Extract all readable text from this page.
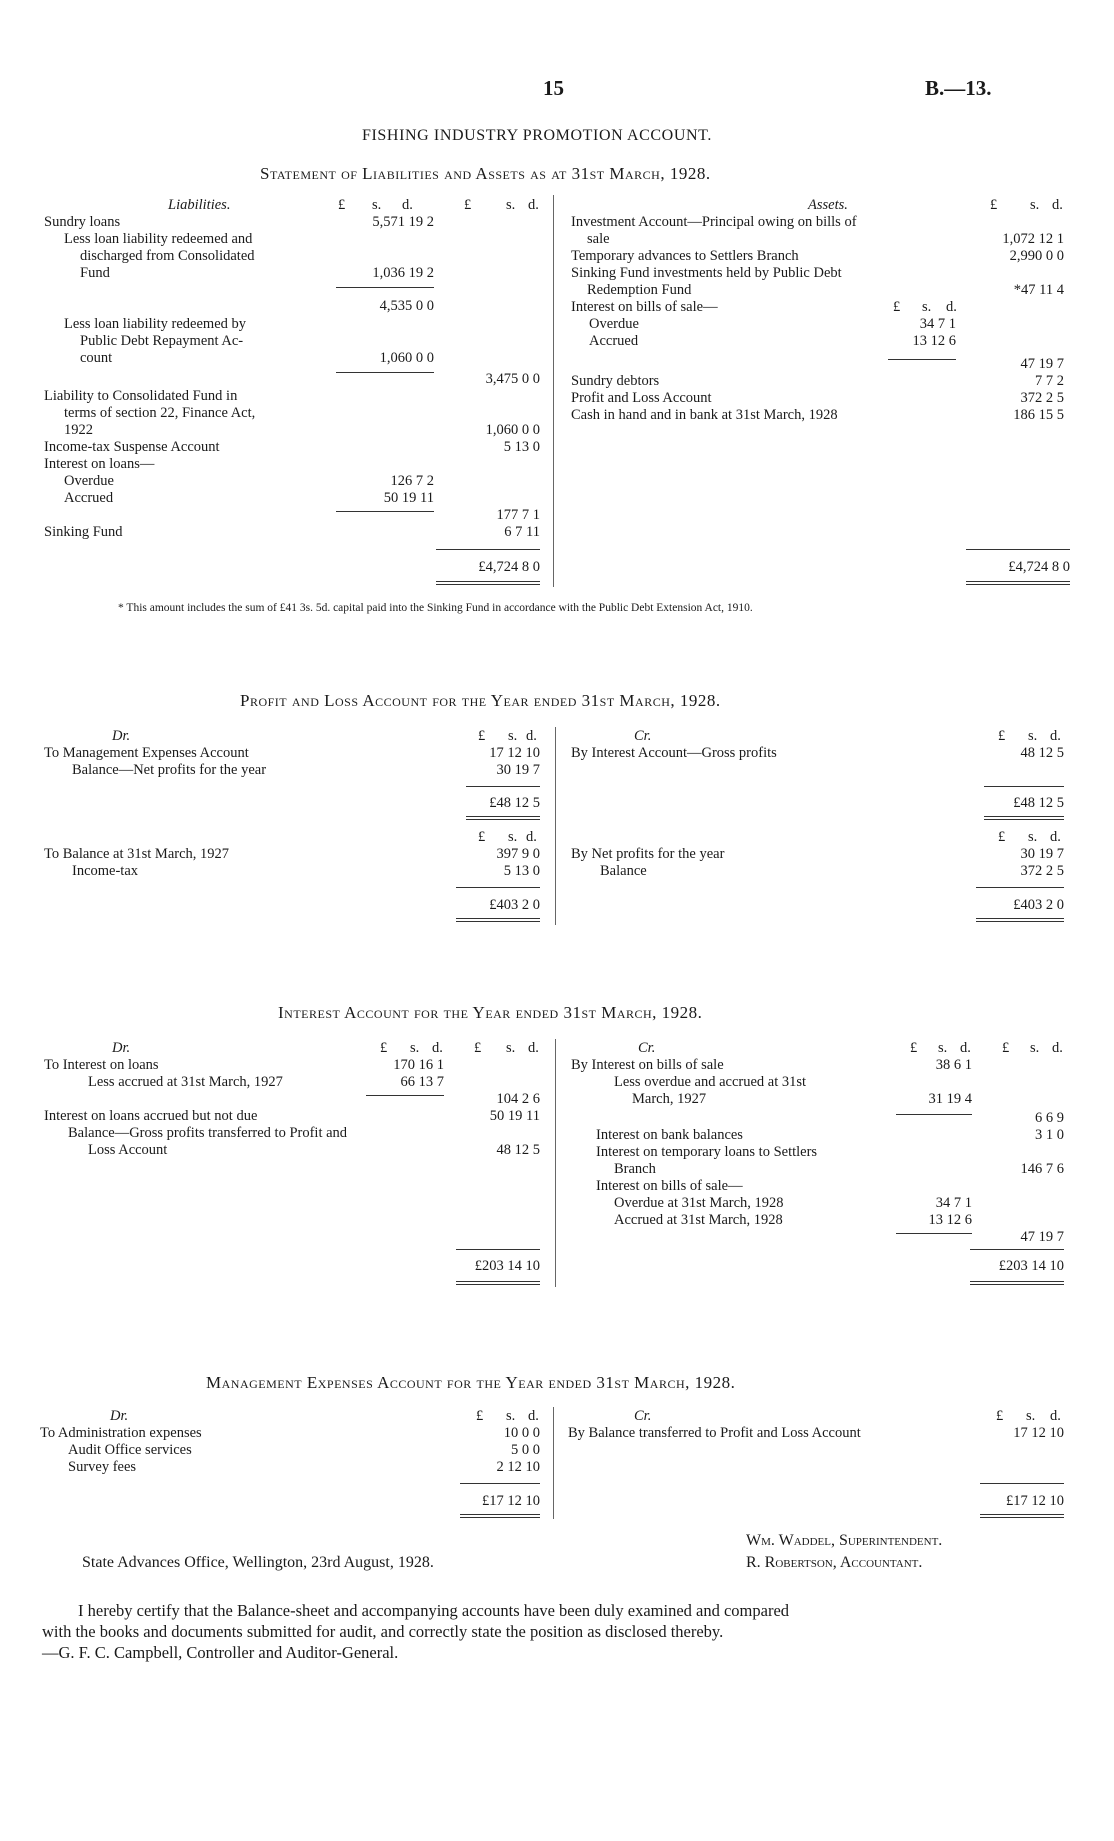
15	B.—13.
FISHING INDUSTRY PROMOTION ACCOUNT.
Statement of Liabilities and Assets as at 31st March, 1928.
Liabilities.	£ s. d.	£ s. d.
Sundry loans	5,571 19 2
Less loan liability redeemed and
discharged from Consolidated
Fund	1,036 19 2
4,535 0 0
Less loan liability redeemed by
Public Debt Repayment Ac-
count	1,060 0 0
3,475 0 0
Liability to Consolidated Fund in
terms of section 22, Finance Act,
1922	1,060 0 0
Income-tax Suspense Account	5 13 0
Interest on loans—
Overdue	126 7 2
Accrued	50 19 11
177 7 1
Sinking Fund	6 7 11
£4,724 8 0
Assets.	£ s. d.
Investment Account—Principal owing on bills of
sale	1,072 12 1
Temporary advances to Settlers Branch	2,990 0 0
Sinking Fund investments held by Public Debt
Redemption Fund	*47 11 4
Interest on bills of sale—	£ s. d.
Overdue	34 7 1
Accrued	13 12 6
47 19 7
Sundry debtors	7 7 2
Profit and Loss Account	372 2 5
Cash in hand and in bank at 31st March, 1928	186 15 5
£4,724 8 0
* This amount includes the sum of £41 3s. 5d. capital paid into the Sinking Fund in accordance with the Public Debt Extension Act, 1910.
Profit and Loss Account for the Year ended 31st March, 1928.
Dr.	£ s. d.
To Management Expenses Account	17 12 10
Balance—Net profits for the year	30 19 7
£48 12 5
£ s. d.
To Balance at 31st March, 1927	397 9 0
Income-tax	5 13 0
£403 2 0
Cr.	£ s. d.
By Interest Account—Gross profits	48 12 5
£48 12 5
£ s. d.
By Net profits for the year	30 19 7
Balance	372 2 5
£403 2 0
Interest Account for the Year ended 31st March, 1928.
Dr.	£ s. d. £ s. d.
To Interest on loans	170 16 1
Less accrued at 31st March, 1927	66 13 7
104 2 6
Interest on loans accrued but not due	50 19 11
Balance—Gross profits transferred to Profit and
Loss Account	48 12 5
£203 14 10
Cr.	£ s. d. £ s. d.
By Interest on bills of sale	38 6 1
Less overdue and accrued at 31st
March, 1927	31 19 4
6 6 9
Interest on bank balances	3 1 0
Interest on temporary loans to Settlers
Branch	146 7 6
Interest on bills of sale—
Overdue at 31st March, 1928	34 7 1
Accrued at 31st March, 1928	13 12 6
47 19 7
£203 14 10
Management Expenses Account for the Year ended 31st March, 1928.
Dr.	£ s. d.
To Administration expenses	10 0 0
Audit Office services	5 0 0
Survey fees	2 12 10
£17 12 10
Cr.	£ s. d.
By Balance transferred to Profit and Loss Account	17 12 10
£17 12 10
Wm. Waddel, Superintendent.
State Advances Office, Wellington, 23rd August, 1928.	R. Robertson, Accountant.
I hereby certify that the Balance-sheet and accompanying accounts have been duly examined and compared
with the books and documents submitted for audit, and correctly state the position as disclosed thereby.
—G. F. C. Campbell, Controller and Auditor-General.
